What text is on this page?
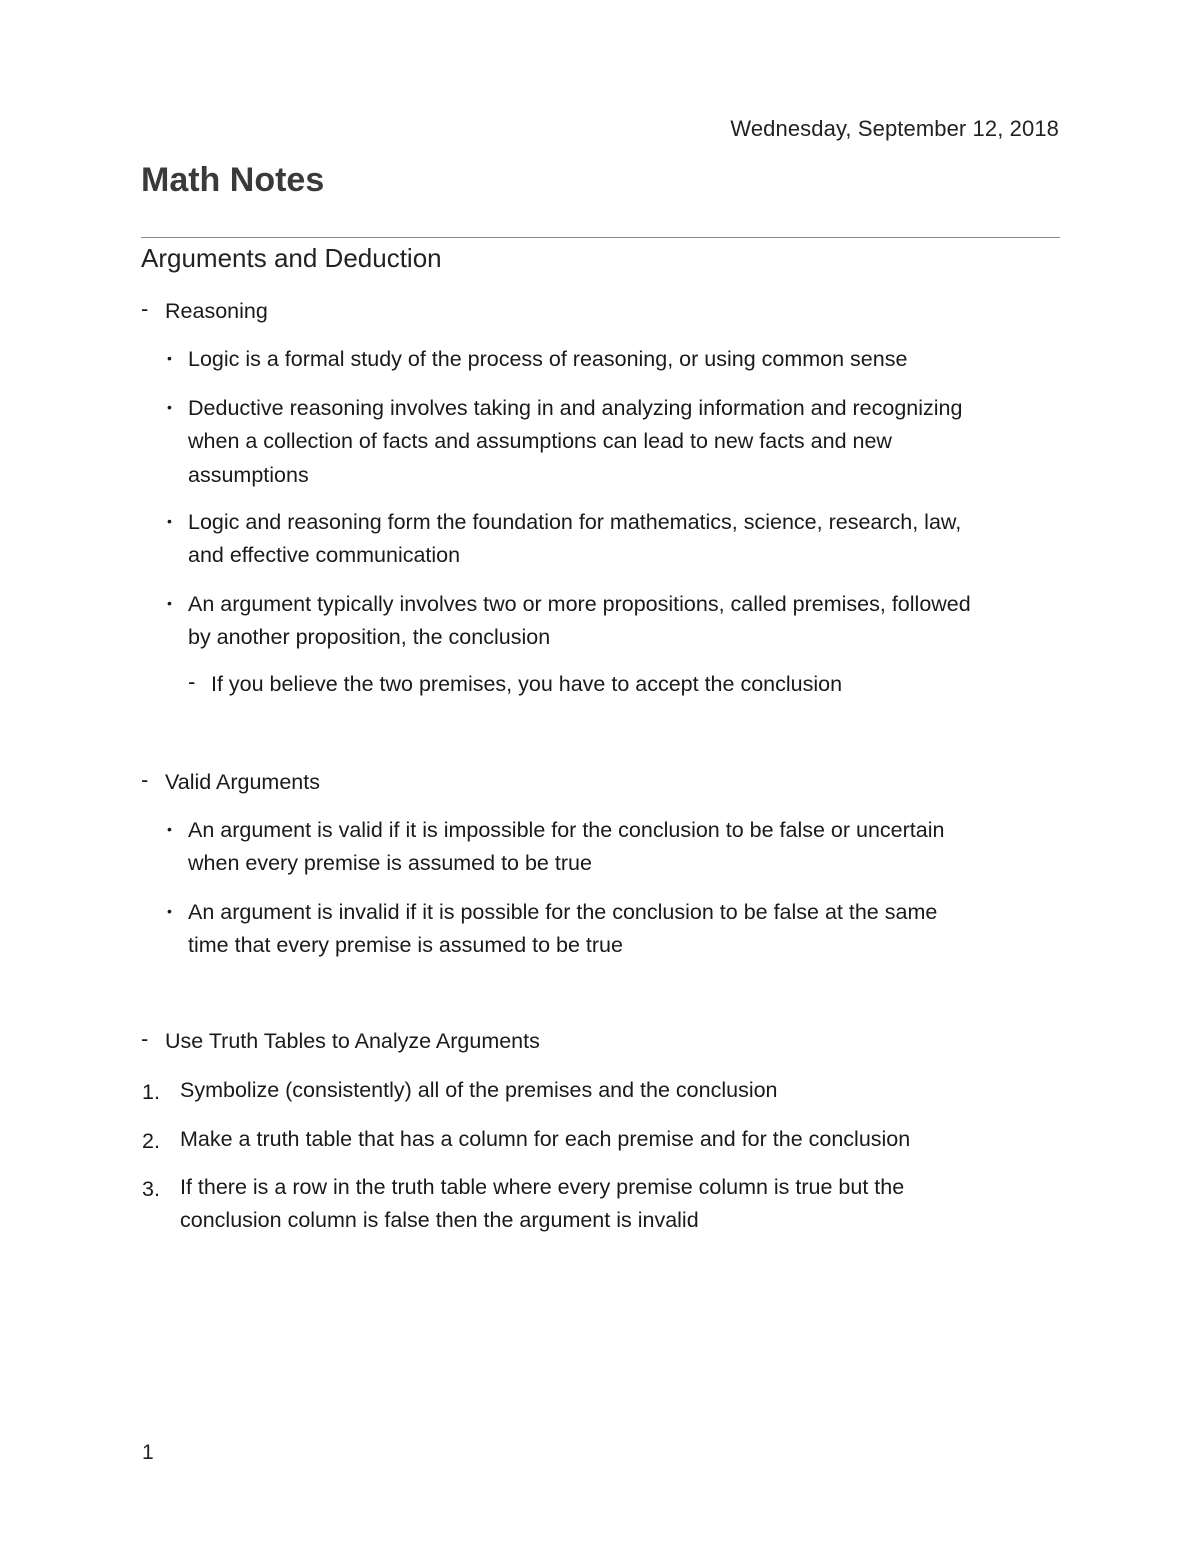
Wednesday, September 12, 2018
Math Notes
Arguments and Deduction
- Reasoning
• Logic is a formal study of the process of reasoning, or using common sense
• Deductive reasoning involves taking in and analyzing information and recognizing
when a collection of facts and assumptions can lead to new facts and new
assumptions
• Logic and reasoning form the foundation for mathematics, science, research, law,
and effective communication
• An argument typically involves two or more propositions, called premises, followed
by another proposition, the conclusion
- If you believe the two premises, you have to accept the conclusion
- Valid Arguments
• An argument is valid if it is impossible for the conclusion to be false or uncertain
when every premise is assumed to be true
• An argument is invalid if it is possible for the conclusion to be false at the same
time that every premise is assumed to be true
- Use Truth Tables to Analyze Arguments
1. Symbolize (consistently) all of the premises and the conclusion
2. Make a truth table that has a column for each premise and for the conclusion
3. If there is a row in the truth table where every premise column is true but the
conclusion column is false then the argument is invalid
1
